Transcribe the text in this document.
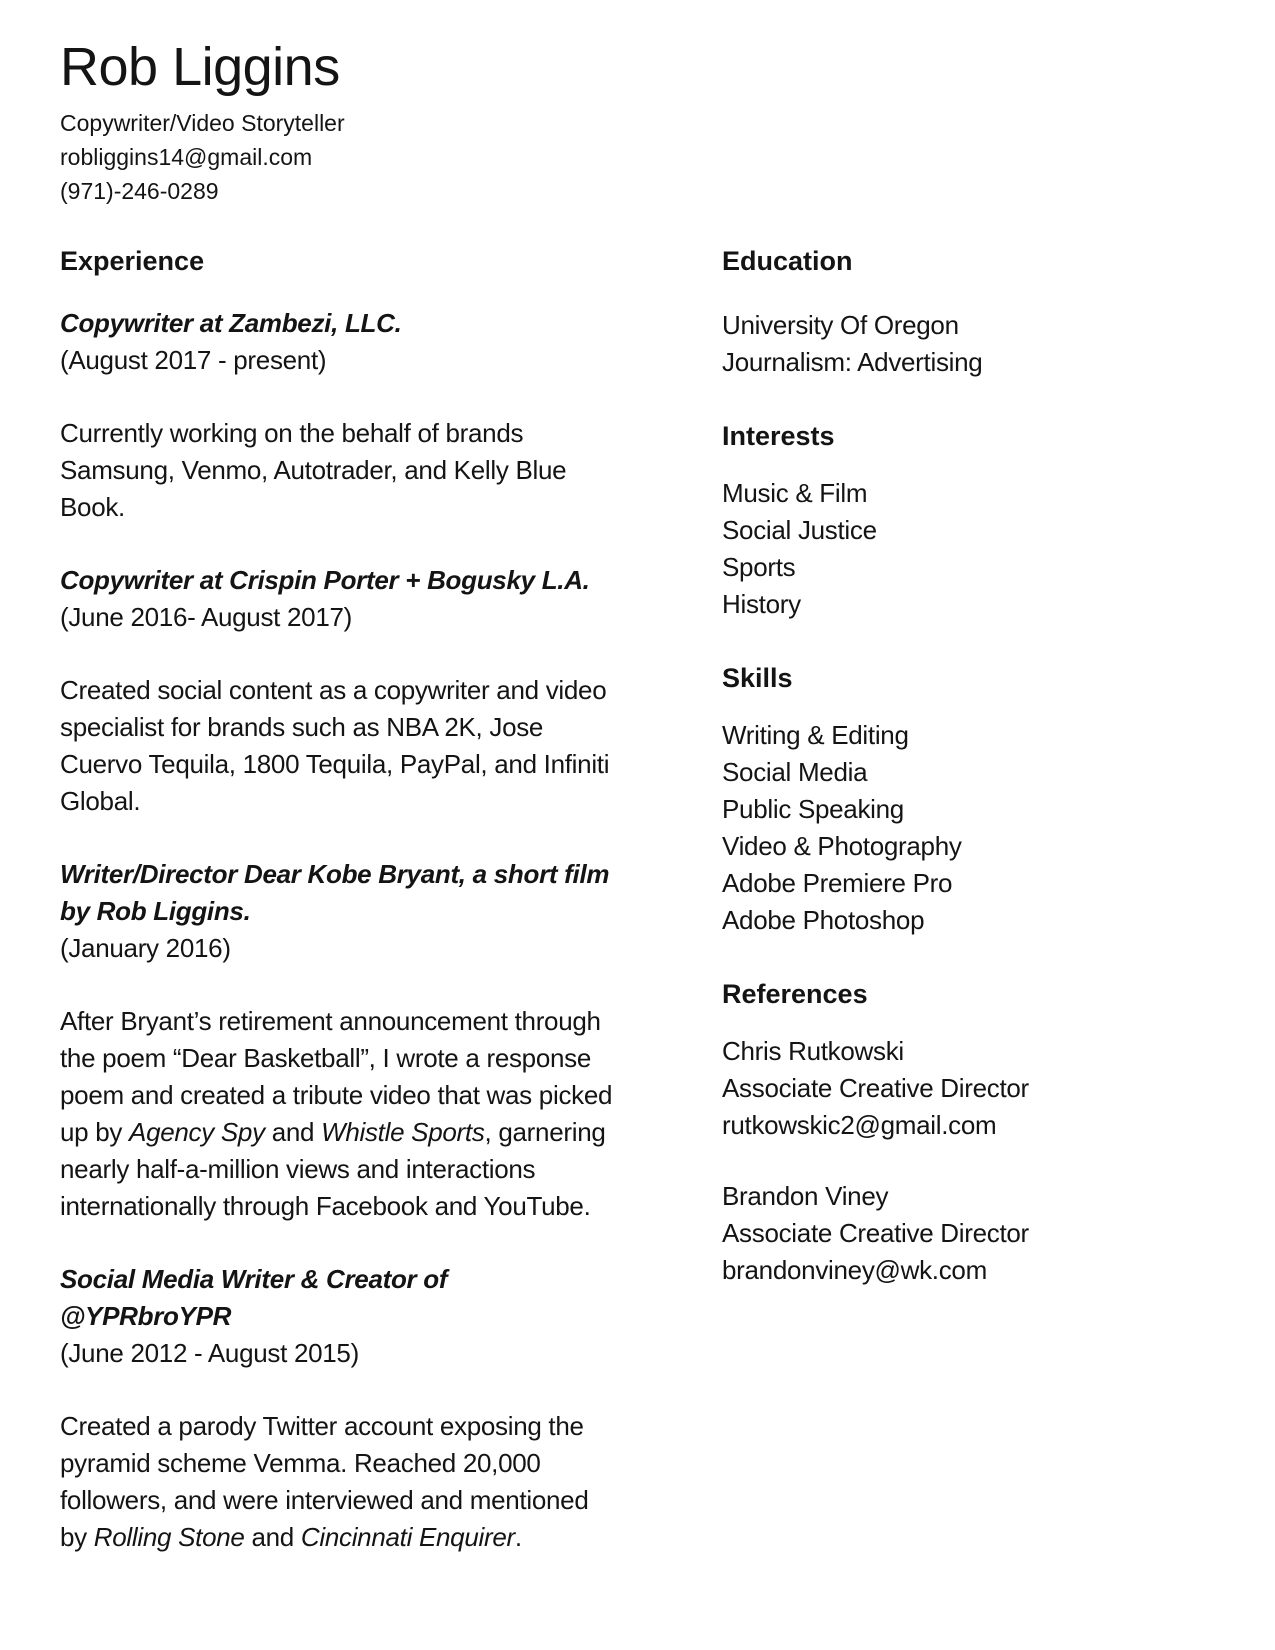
Rob Liggins
Copywriter/Video Storyteller
robliggins14@gmail.com
(971)-246-0289
Experience
Copywriter at Zambezi, LLC.
(August 2017 - present)
Currently working on the behalf of brands Samsung, Venmo, Autotrader, and Kelly Blue Book.
Copywriter at Crispin Porter + Bogusky L.A.
(June 2016- August 2017)
Created social content as a copywriter and video specialist for brands such as NBA 2K, Jose Cuervo Tequila, 1800 Tequila, PayPal, and Infiniti Global.
Writer/Director Dear Kobe Bryant, a short film by Rob Liggins.
(January 2016)
After Bryant’s retirement announcement through the poem “Dear Basketball”, I wrote a response poem and created a tribute video that was picked up by Agency Spy and Whistle Sports, garnering nearly half-a-million views and interactions internationally through Facebook and YouTube.
Social Media Writer & Creator of @YPRbroYPR
(June 2012 - August 2015)
Created a parody Twitter account exposing the pyramid scheme Vemma. Reached 20,000 followers, and were interviewed and mentioned by Rolling Stone and Cincinnati Enquirer.
Education
University Of Oregon
Journalism: Advertising
Interests
Music & Film
Social Justice
Sports
History
Skills
Writing & Editing
Social Media
Public Speaking
Video & Photography
Adobe Premiere Pro
Adobe Photoshop
References
Chris Rutkowski
Associate Creative Director
rutkowskic2@gmail.com
Brandon Viney
Associate Creative Director
brandonviney@wk.com
